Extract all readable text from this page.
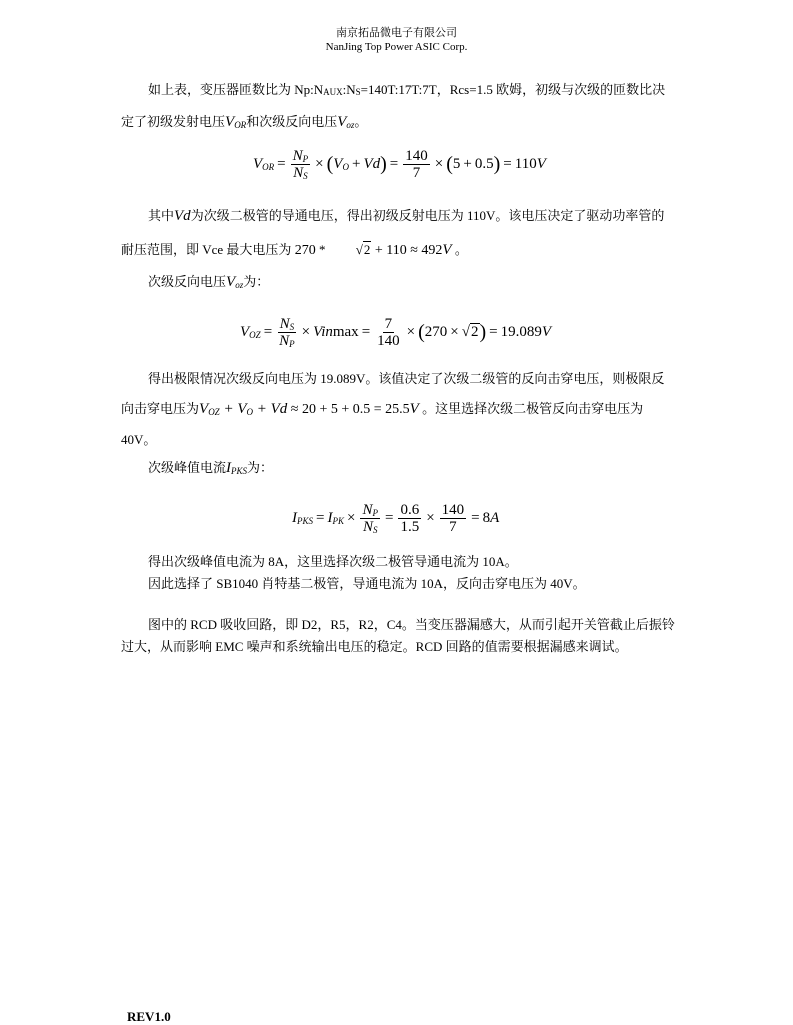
南京拓品微电子有限公司
NanJing Top Power ASIC Corp.
如上表，变压器匝数比为 Np:NAUX:NS=140T:17T:7T，Rcs=1.5 欧姆，初级与次级的匝数比决定了初级发射电压$V_{OR}$和次级反向电压$V_{oz}$。
$V_{OR} = \frac{N_P}{N_S}$ × ( $V_O + Vd$ ) = $\frac{140}{7}$ × ( 5 + 0.5 ) = 110 V
其中Vd为次级二极管的导通电压，得出初级反射电压为 110V。该电压决定了驱动功率管的耐压范围，即 Vce 最大电压为 270 * √2 + 110 ≈ 492V 。
次级反向电压$V_{oz}$为：
$V_{OZ} = \frac{N_S}{N_P}$ × Vin $\max = \frac{7}{140}$ × ( 270 × √2 ) = 19.089 V
得出极限情况次级反向电压为 19.089V。该值决定了次级二级管的反向击穿电压，则极限反向击穿电压为$V_{OZ} + V_O + Vd \approx 20 + 5 + 0.5 = 25.5V$ 。这里选择次级二极管反向击穿电压为 40V。
次级峰值电流$I_{PKS}$为：
$I_{PKS} = I_{PK} \times \frac{N_P}{N_S} = \frac{0.6}{1.5} \times \frac{140}{7} = 8$ A
得出次级峰值电流为 8A，这里选择次级二极管导通电流为 10A。
因此选择了 SB1040 肖特基二极管，导通电流为 10A，反向击穿电压为 40V。
图中的 RCD 吸收回路，即 D2，R5，R2，C4。当变压器漏感大，从而引起开关管截止后振铃过大，从而影响 EMC 噪声和系统输出电压的稳定。RCD 回路的值需要根据漏感来调试。
REV1.0
